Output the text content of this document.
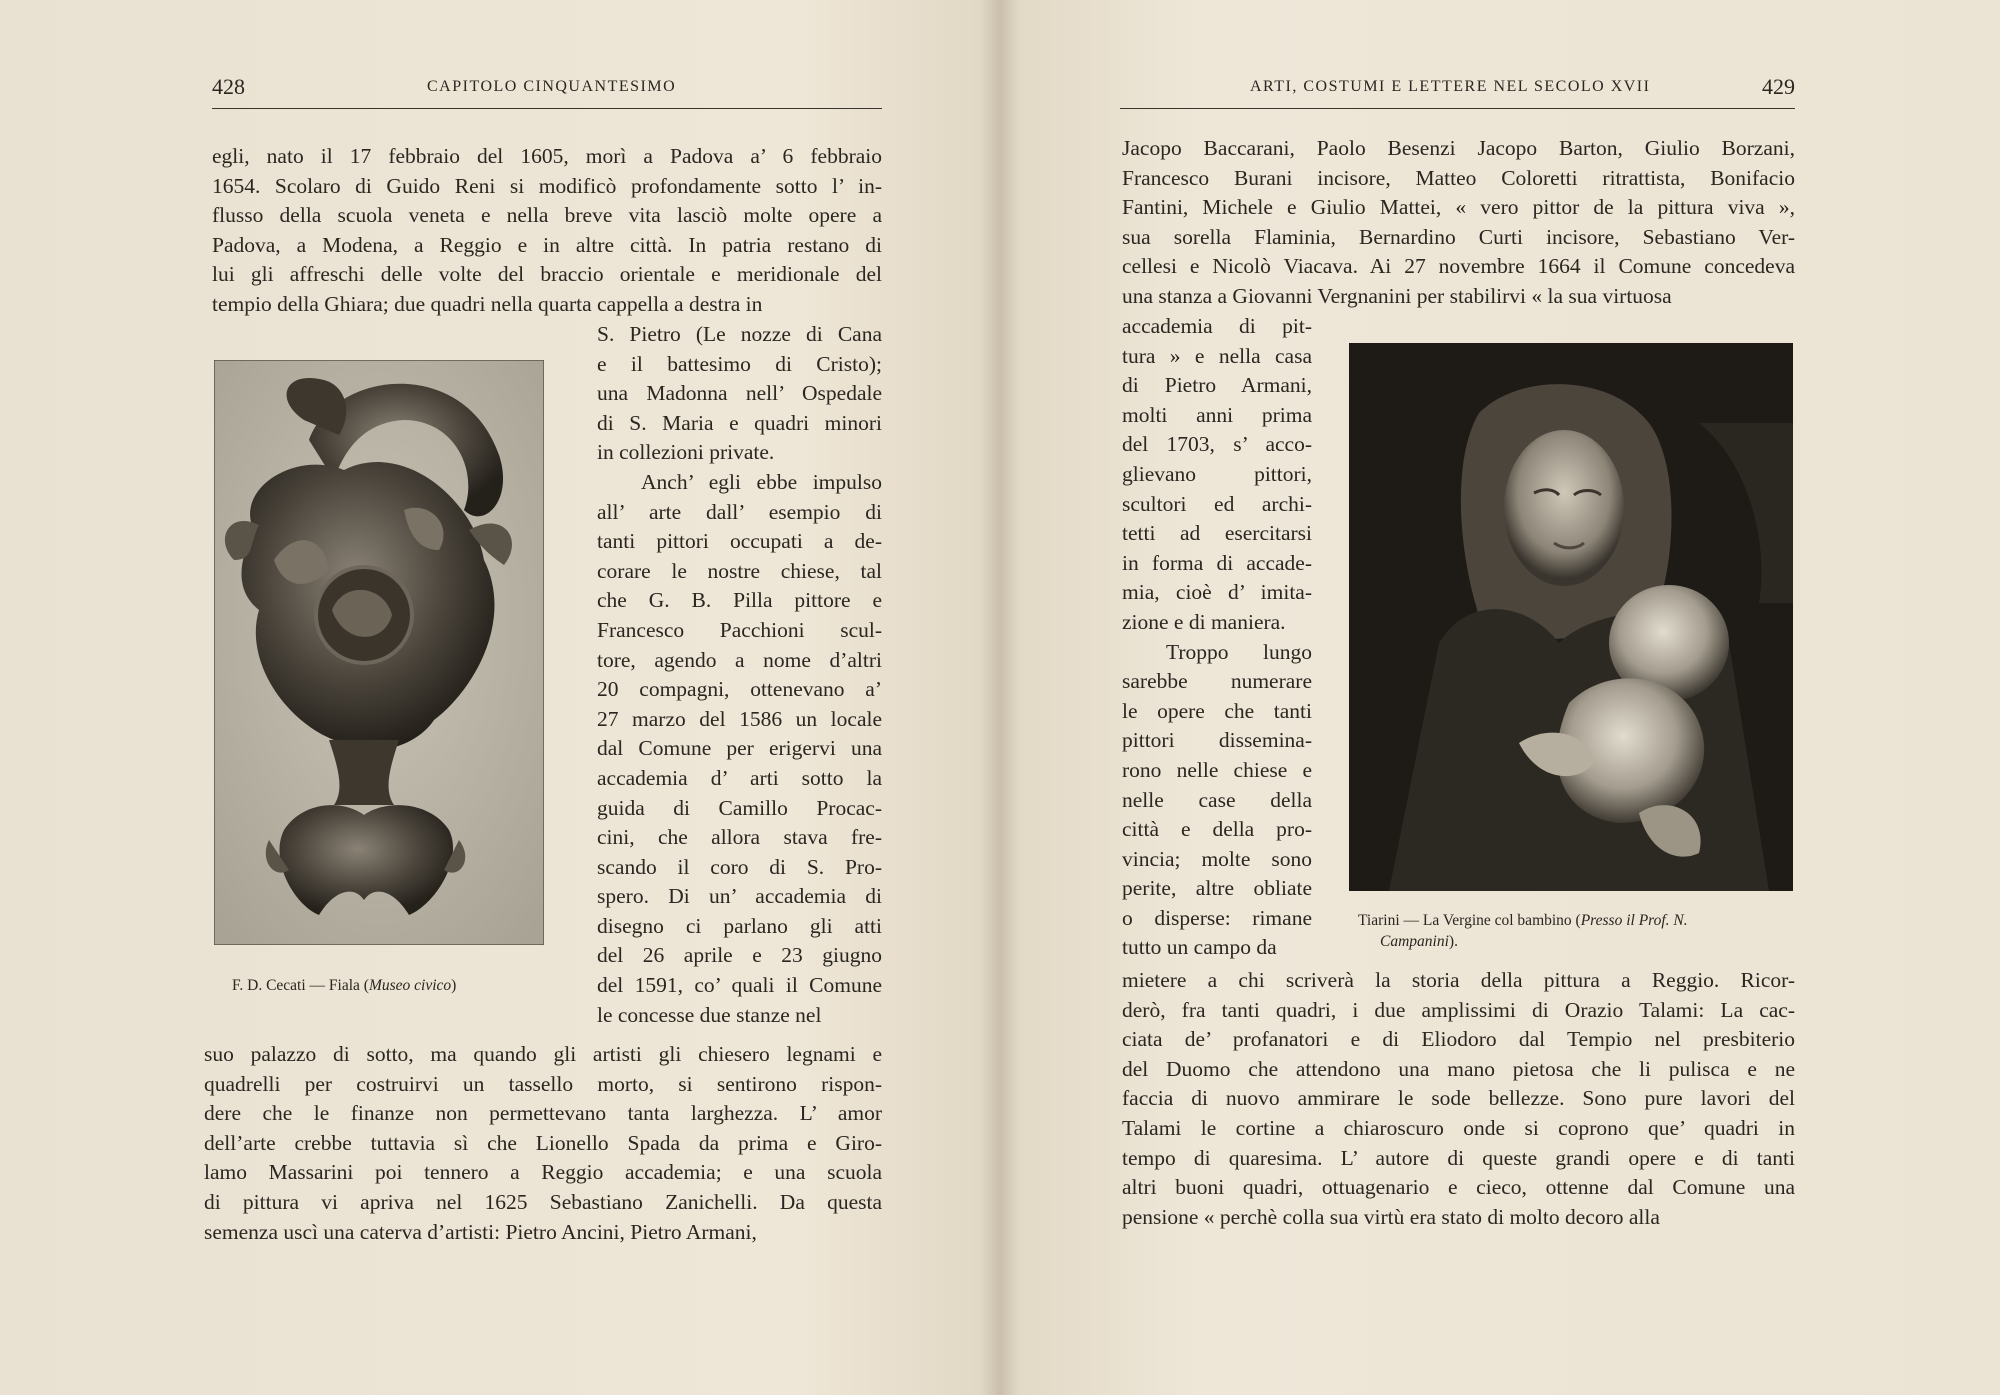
428	CAPITOLO CINQUANTESIMO
egli, nato il 17 febbraio del 1605, morì a Padova a’ 6 febbraio
1654. Scolaro di Guido Reni si modificò profondamente sotto l’ in-
flusso della scuola veneta e nella breve vita lasciò molte opere a
Padova, a Modena, a Reggio e in altre città. In patria restano di
lui gli affreschi delle volte del braccio orientale e meridionale del
tempio della Ghiara; due quadri nella quarta cappella a destra in
F. D. Cecati — Fiala (Museo civico)
S. Pietro (Le nozze di Cana
e il battesimo di Cristo);
una Madonna nell’ Ospedale
di S. Maria e quadri minori
in collezioni private.
Anch’ egli ebbe impulso
all’ arte dall’ esempio di
tanti pittori occupati a de-
corare le nostre chiese, tal
che G. B. Pilla pittore e
Francesco Pacchioni scul-
tore, agendo a nome d’altri
20 compagni, ottenevano a’
27 marzo del 1586 un locale
dal Comune per erigervi una
accademia d’ arti sotto la
guida di Camillo Procac-
cini, che allora stava fre-
scando il coro di S. Pro-
spero. Di un’ accademia di
disegno ci parlano gli atti
del 26 aprile e 23 giugno
del 1591, co’ quali il Comune
le concesse due stanze nel
suo palazzo di sotto, ma quando gli artisti gli chiesero legnami e
quadrelli per costruirvi un tassello morto, si sentirono rispon-
dere che le finanze non permettevano tanta larghezza. L’ amor
dell’arte crebbe tuttavia sì che Lionello Spada da prima e Giro-
lamo Massarini poi tennero a Reggio accademia; e una scuola
di pittura vi apriva nel 1625 Sebastiano Zanichelli. Da questa
semenza uscì una caterva d’artisti: Pietro Ancini, Pietro Armani,
ARTI, COSTUMI E LETTERE NEL SECOLO XVII	429
Jacopo Baccarani, Paolo Besenzi Jacopo Barton, Giulio Borzani,
Francesco Burani incisore, Matteo Coloretti ritrattista, Bonifacio
Fantini, Michele e Giulio Mattei, « vero pittor de la pittura viva »,
sua sorella Flaminia, Bernardino Curti incisore, Sebastiano Ver-
cellesi e Nicolò Viacava. Ai 27 novembre 1664 il Comune concedeva
una stanza a Giovanni Vergnanini per stabilirvi « la sua virtuosa
accademia di pit-
tura » e nella casa
di Pietro Armani,
molti anni prima
del 1703, s’ acco-
glievano pittori,
scultori ed archi-
tetti ad esercitarsi
in forma di accade-
mia, cioè d’ imita-
zione e di maniera.
Troppo lungo
sarebbe numerare
le opere che tanti
pittori dissemina-
rono nelle chiese e
nelle case della
città e della pro-
vincia; molte sono
perite, altre obliate
o disperse: rimane
tutto un campo da
Tiarini — La Vergine col bambino (Presso il Prof. N.
Campanini).
mietere a chi scriverà la storia della pittura a Reggio. Ricor-
derò, fra tanti quadri, i due amplissimi di Orazio Talami: La cac-
ciata de’ profanatori e di Eliodoro dal Tempio nel presbiterio
del Duomo che attendono una mano pietosa che li pulisca e ne
faccia di nuovo ammirare le sode bellezze. Sono pure lavori del
Talami le cortine a chiaroscuro onde si coprono que’ quadri in
tempo di quaresima. L’ autore di queste grandi opere e di tanti
altri buoni quadri, ottuagenario e cieco, ottenne dal Comune una
pensione « perchè colla sua virtù era stato di molto decoro alla
